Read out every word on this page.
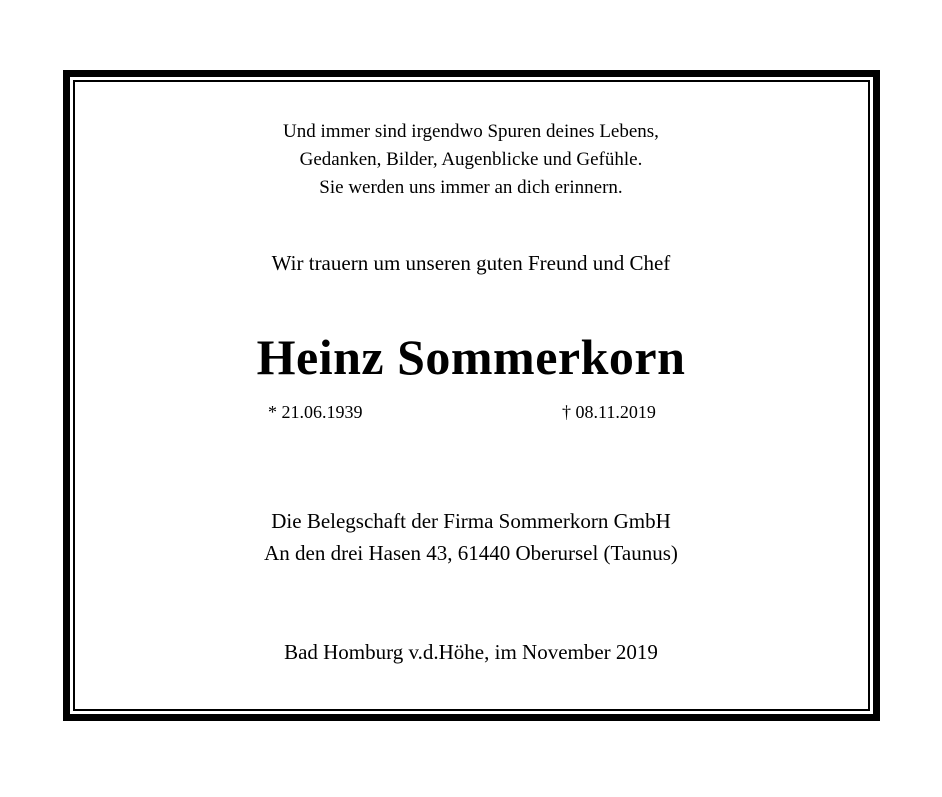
Und immer sind irgendwo Spuren deines Lebens,
Gedanken, Bilder, Augenblicke und Gefühle.
Sie werden uns immer an dich erinnern.
Wir trauern um unseren guten Freund und Chef
Heinz Sommerkorn
* 21.06.1939	† 08.11.2019
Die Belegschaft der Firma Sommerkorn GmbH
An den drei Hasen 43, 61440 Oberursel (Taunus)
Bad Homburg v.d.Höhe, im November 2019
